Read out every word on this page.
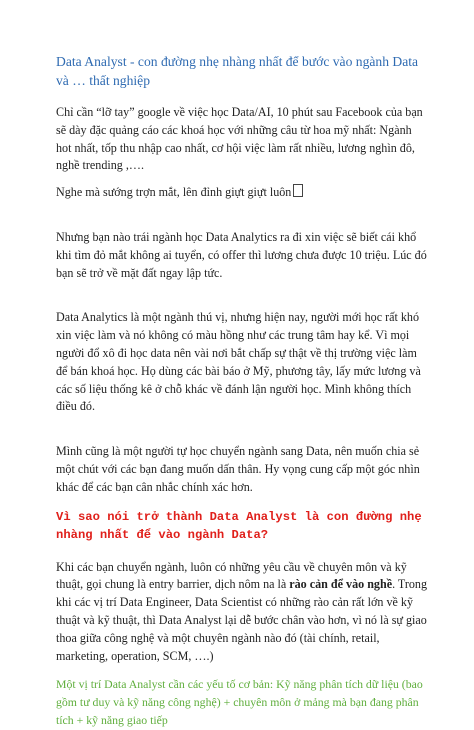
Data Analyst - con đường nhẹ nhàng nhất để bước vào ngành Data và … thất nghiệp

Chỉ cần “lỡ tay” google về việc học Data/AI, 10 phút sau Facebook của bạn sẽ dày đặc quảng cáo các khoá học với những câu từ hoa mỹ nhất: Ngành hot nhất, tốp thu nhập cao nhất, cơ hội việc làm rất nhiều, lương nghìn đô, nghề trending ,….

Nghe mà sướng trợn mắt, lên đỉnh giựt giựt luôn

Nhưng bạn nào trái ngành học Data Analytics ra đi xin việc sẽ biết cái khổ khi tìm đỏ mắt không ai tuyển, có offer thì lương chưa được 10 triệu. Lúc đó bạn sẽ trở về mặt đất ngay lập tức.

Data Analytics là một ngành thú vị, nhưng hiện nay, người mới học rất khó xin việc làm và nó không có màu hồng như các trung tâm hay kể. Vì mọi người đổ xô đi học data nên vài nơi bắt chấp sự thật về thị trường việc làm để bán khoá học. Họ dùng các bài báo ở Mỹ, phương tây, lấy mức lương và các số liệu thống kê ở chỗ khác về đánh lận người học. Mình không thích điều đó.

Mình cũng là một người tự học chuyển ngành sang Data, nên muốn chia sẻ một chút với các bạn đang muốn dấn thân. Hy vọng cung cấp một góc nhìn khác để các bạn cân nhắc chính xác hơn.

Vì sao nói trở thành Data Analyst là con đường nhẹ nhàng nhất để vào ngành Data?

Khi các bạn chuyển ngành, luôn có những yêu cầu về chuyên môn và kỹ thuật, gọi chung là entry barrier, dịch nôm na là rào cản để vào nghề. Trong khi các vị trí Data Engineer, Data Scientist có những rào cản rất lớn về kỹ thuật và kỹ thuật, thì Data Analyst lại dễ bước chân vào hơn, vì nó là sự giao thoa giữa công nghệ và một chuyên ngành nào đó (tài chính, retail, marketing, operation, SCM, ….)

Một vị trí Data Analyst cần các yếu tố cơ bản: Kỹ năng phân tích dữ liệu (bao gồm tư duy và kỹ năng công nghệ) + chuyên môn ở mảng mà bạn đang phân tích + kỹ năng giao tiếp
